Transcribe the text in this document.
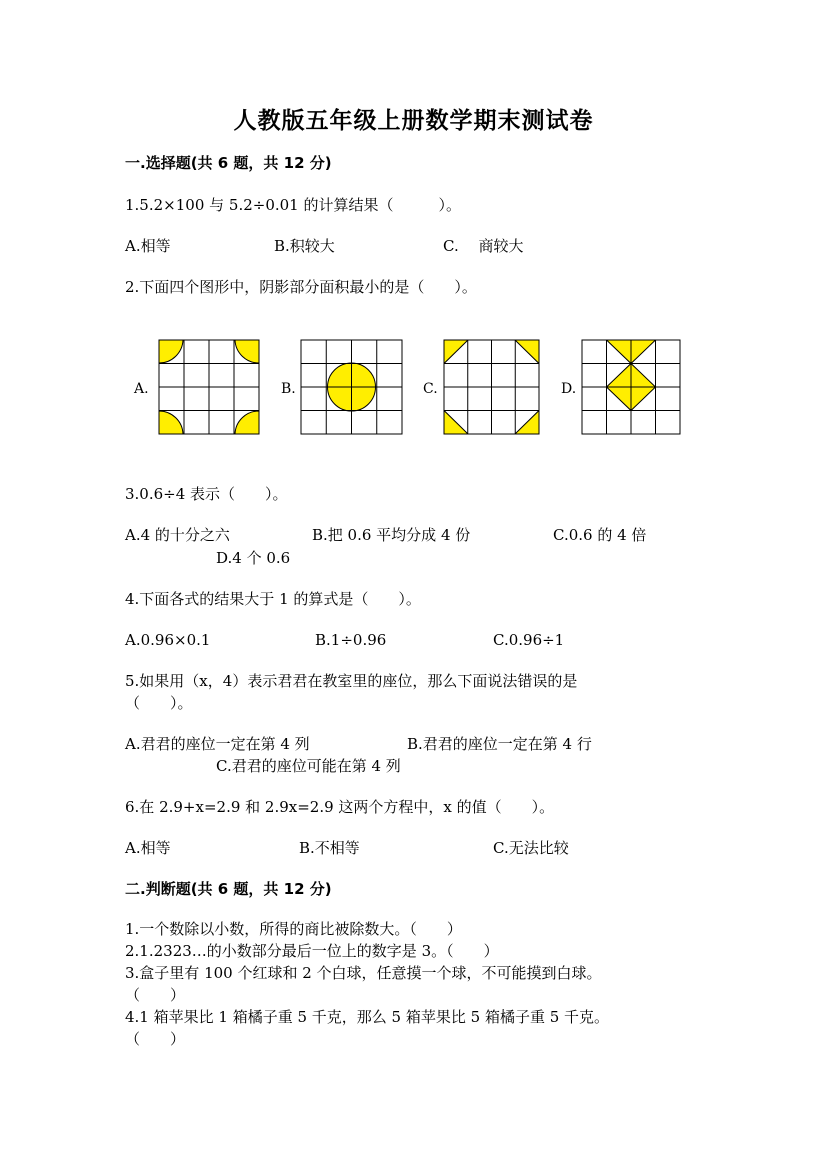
人教版五年级上册数学期末测试卷
一.选择题(共 6 题，共 12 分)
1.5.2×100 与 5.2÷0.01 的计算结果（　　　）。
A.相等	B.积较大	C.　 商较大
2.下面四个图形中，阴影部分面积最小的是（　　）。
A.	B.	C.	D.
3.0.6÷4 表示（　　）。
A.4 的十分之六	B.把 0.6 平均分成 4 份	C.0.6 的 4 倍
D.4 个 0.6
4.下面各式的结果大于 1 的算式是（　　）。
A.0.96×0.1	B.1÷0.96	C.0.96÷1
5.如果用（x，4）表示君君在教室里的座位，那么下面说法错误的是
（　　）。
A.君君的座位一定在第 4 列	B.君君的座位一定在第 4 行
C.君君的座位可能在第 4 列
6.在 2.9+x=2.9 和 2.9x=2.9 这两个方程中，x 的值（　　）。
A.相等	B.不相等	C.无法比较
二.判断题(共 6 题，共 12 分)
1.一个数除以小数，所得的商比被除数大。（　　）
2.1.2323…的小数部分最后一位上的数字是 3。（　　）
3.盒子里有 100 个红球和 2 个白球，任意摸一个球，不可能摸到白球。
（　　）
4.1 箱苹果比 1 箱橘子重 5 千克，那么 5 箱苹果比 5 箱橘子重 5 千克。
（　　）
